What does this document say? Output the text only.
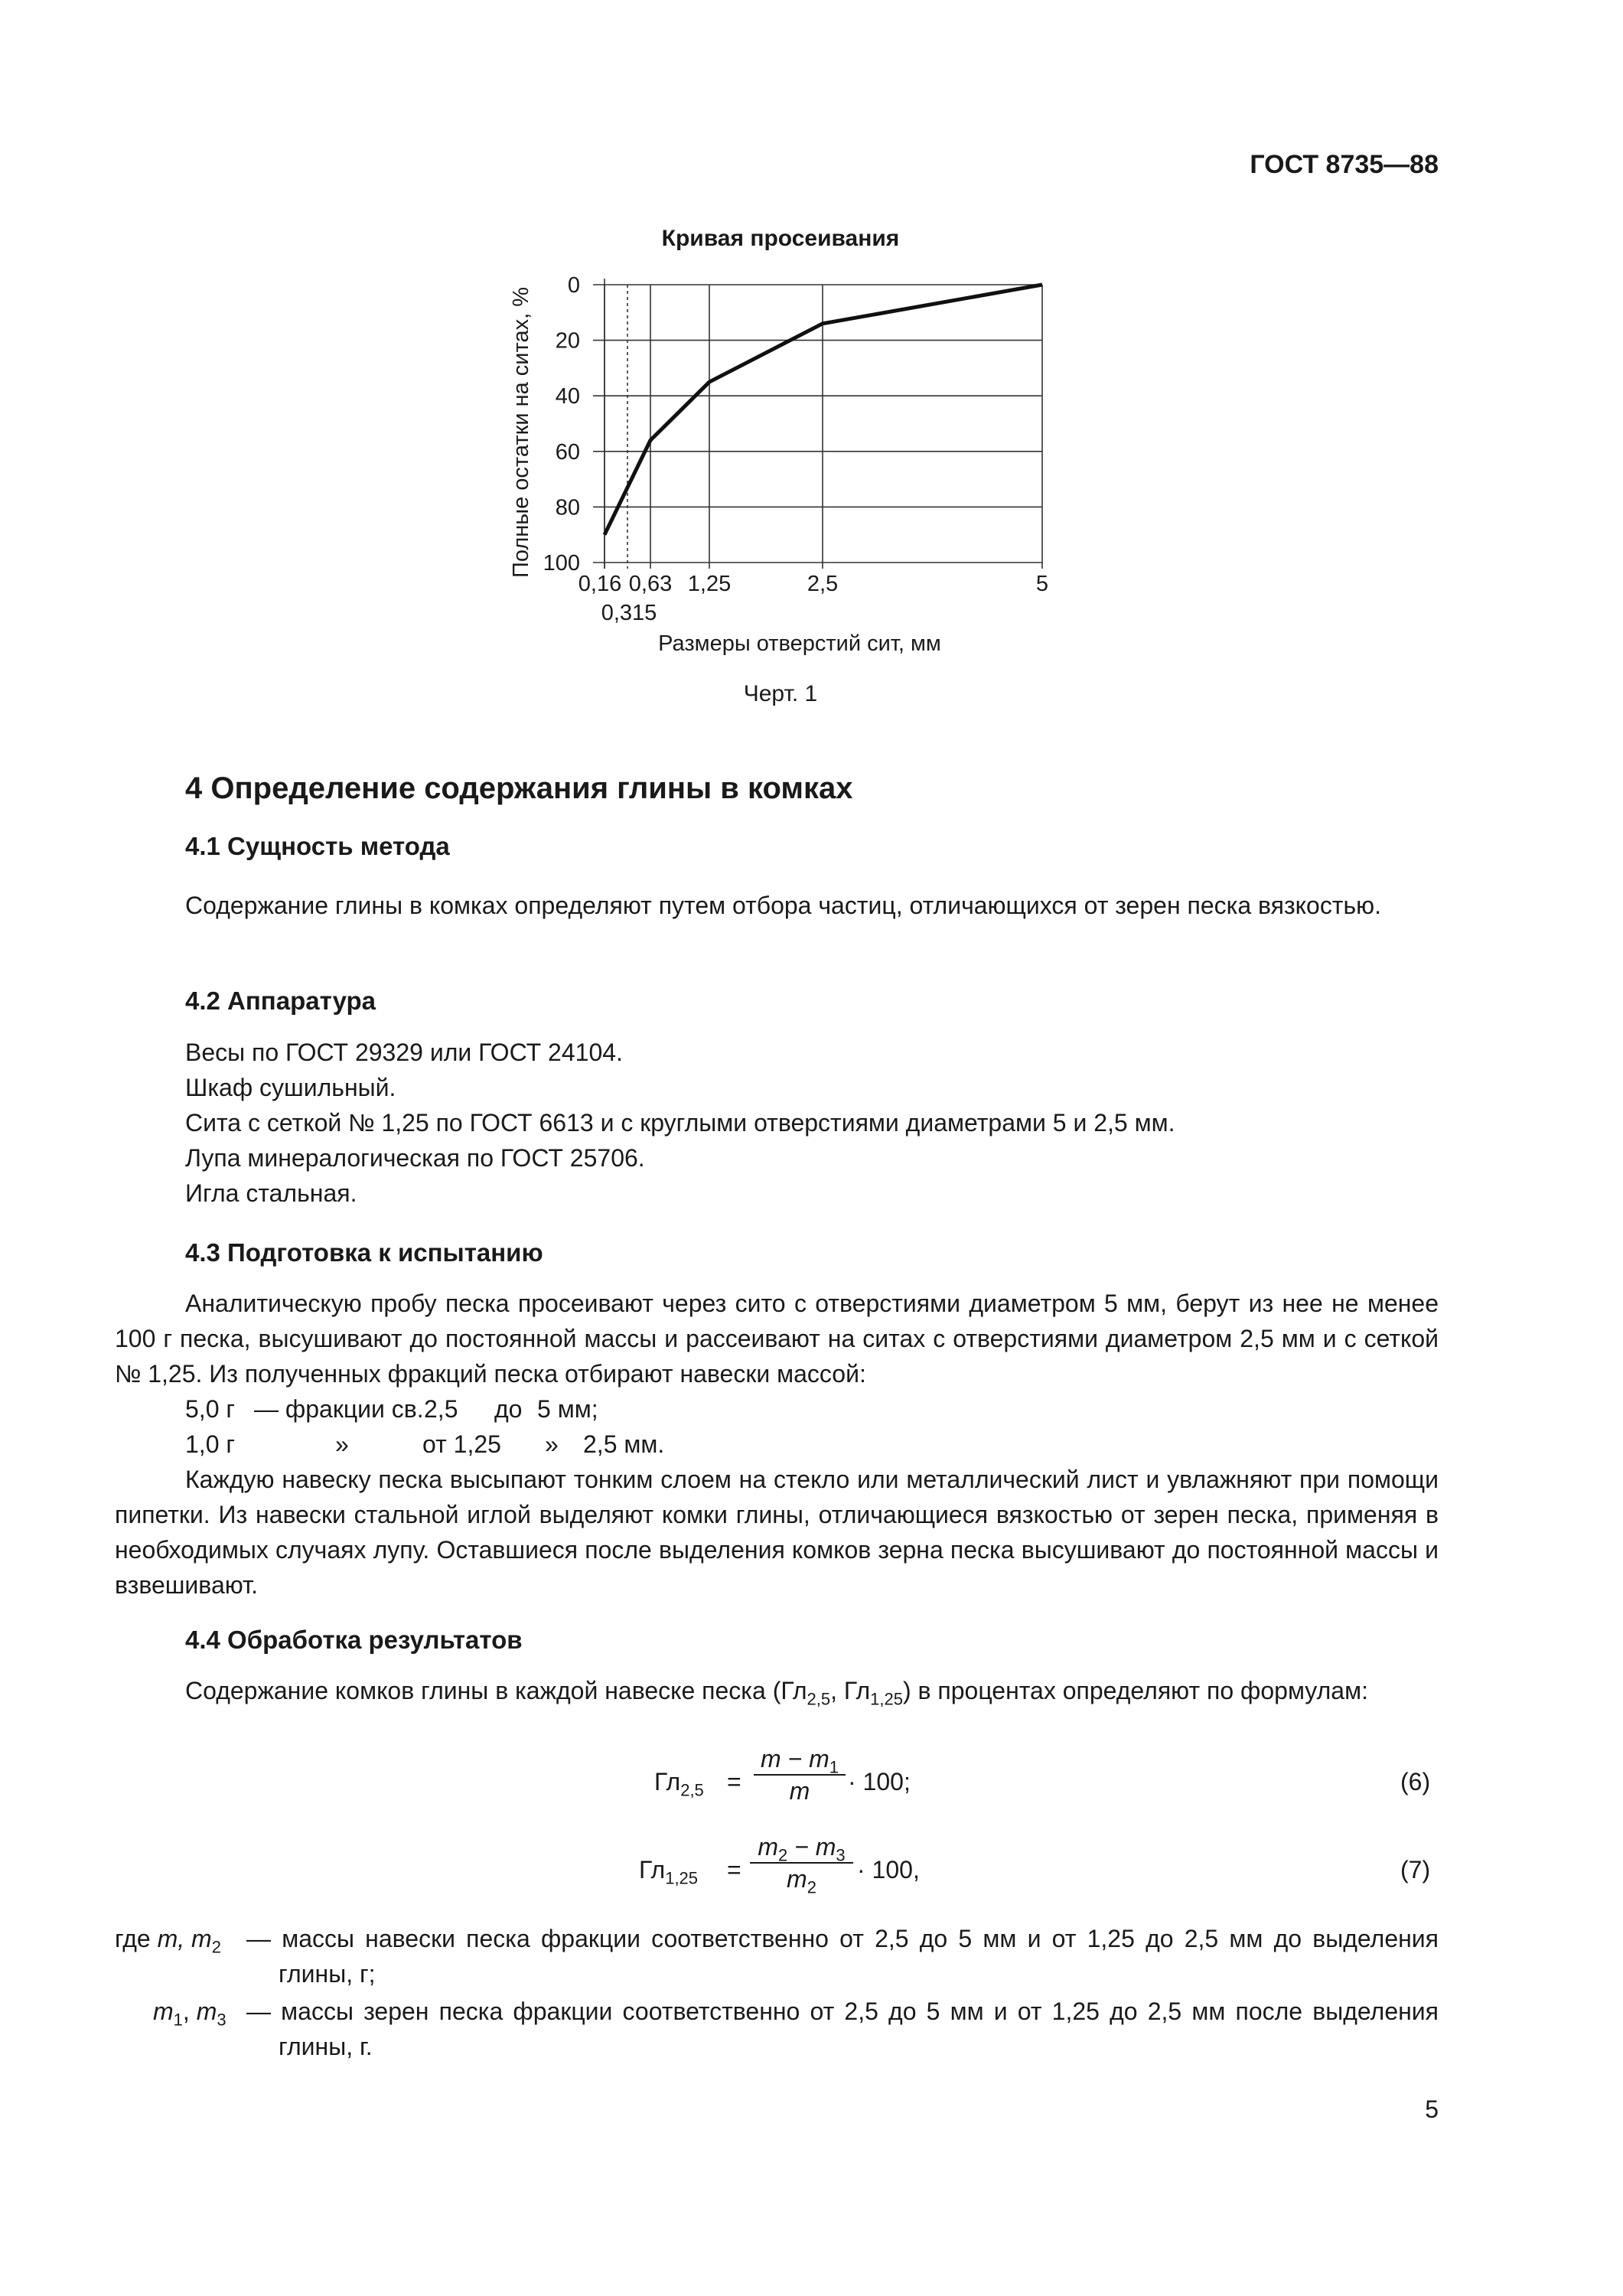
ГОСТ 8735—88
Кривая просеивания
0
20
40
60
80
100
0,16
0,315
0,63 1,25	2,5	5
Полные остатки на ситах, %
Размеры отверстий сит, мм
Черт. 1
4 Определение содержания глины в комках
4.1 Сущность метода

Содержание глины в комках определяют путем отбора частиц, отличающихся от зерен песка вязкостью.

4.2 Аппаратура
Весы по ГОСТ 29329 или ГОСТ 24104.
Шкаф сушильный.
Сита с сеткой № 1,25 по ГОСТ 6613 и с круглыми отверстиями диаметрами 5 и 2,5 мм.
Лупа минералогическая по ГОСТ 25706.
Игла стальная.
4.3 Подготовка к испытанию

Аналитическую пробу песка просеивают через сито с отверстиями диаметром 5 мм, берут из нее не менее 100 г песка, высушивают до постоянной массы и рассеивают на ситах с отверстиями диаметром 2,5 мм и с сеткой № 1,25. Из полученных фракций песка отбирают навески массой:

5,0 г — фракции св. 2,5 до 5 мм;
1,0 г	»	от 1,25 » 2,5 мм.

Каждую навеску песка высыпают тонким слоем на стекло или металлический лист и увлажняют при помощи пипетки. Из навески стальной иглой выделяют комки глины, отличающиеся вязкостью от зерен песка, применяя в необходимых случаях лупу. Оставшиеся после выделения комков зерна песка высушивают до постоянной массы и взвешивают.

4.4 Обработка результатов

Содержание комков глины в каждой навеске песка ($Гл_{2,5}$, $Гл_{1,25}$) в процентах определяют по формулам:

$Гл_{2,5}$ =
$m - m_1$
m	· 100;	(6)
$Гл_{1,25}$ =
$m_2 - m_3$
$m_2$
· 100,	(7)
где m, $m_2$ — массы навески песка фракции соответственно от 2,5 до 5 мм и от 1,25 до 2,5 мм до выделения глины, г;
$m_1$, $m_3$ — массы зерен песка фракции соответственно от 2,5 до 5 мм и от 1,25 до 2,5 мм после выделения глины, г.
5
